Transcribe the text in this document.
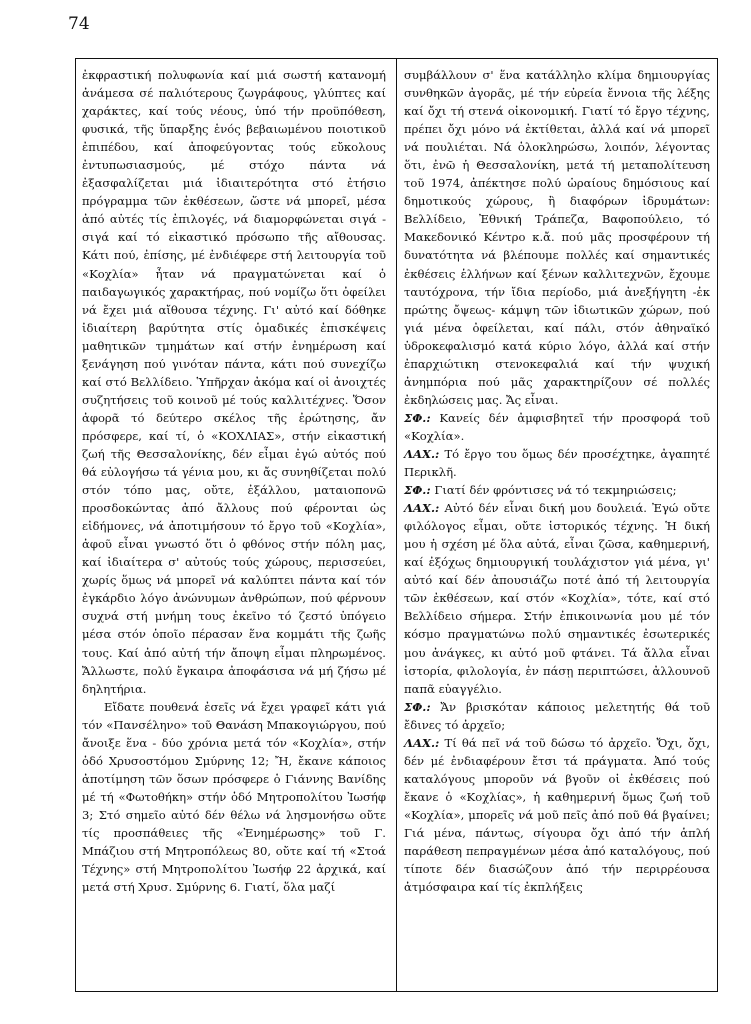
74

ἐκφραστική πολυφωνία καί μιά σωστή κατανομή ἀνάμεσα σέ παλιότερους ζωγράφους, γλύπτες καί χαράκτες, καί τούς νέους, ὑπό τήν προϋπόθεση, φυσικά, τῆς ὕπαρξης ἑνός βεβαιωμένου ποιοτικοῦ ἐπιπέδου, καί ἀποφεύγοντας τούς εὔκολους ἐντυπωσιασμούς, μέ στόχο πάντα νά ἐξασφαλίζεται μιά ἰδιαιτερότητα στό ἐτήσιο πρόγραμμα τῶν ἐκθέσεων, ὥστε νά μπορεῖ, μέσα ἀπό αὐτές τίς ἐπιλογές, νά διαμορφώνεται σιγά - σιγά καί τό εἰκαστικό πρόσωπο τῆς αἴθουσας. Κάτι πού, ἐπίσης, μέ ἐνδιέφερε στή λειτουργία τοῦ «Κοχλία» ἦταν νά πραγματώνεται καί ὁ παιδαγωγικός χαρακτήρας, πού νομίζω ὅτι ὀφείλει νά ἔχει μιά αἴθουσα τέχνης. Γι' αὐτό καί δόθηκε ἰδιαίτερη βαρύτητα στίς ὁμαδικές ἐπισκέψεις μαθητικῶν τμημάτων καί στήν ἐνημέρωση καί ξενάγηση πού γινόταν πάντα, κάτι πού συνεχίζω καί στό Βελλίδειο. Ὑπῆρχαν ἀκόμα καί οἱ ἀνοιχτές συζητήσεις τοῦ κοινοῦ μέ τούς καλλιτέχνες. Ὅσον ἀφορᾶ τό δεύτερο σκέλος τῆς ἐρώτησης, ἄν πρόσφερε, καί τί, ὁ «ΚΟΧΛΙΑΣ», στήν εἰκαστική ζωή τῆς Θεσσαλονίκης, δέν εἶμαι ἐγώ αὐτός πού θά εὐλογήσω τά γένια μου, κι ἄς συνηθίζεται πολύ στόν τόπο μας, οὔτε, ἐξάλλου, ματαιοπονῶ προσδοκώντας ἀπό ἄλλους πού φέρονται ὡς εἰδήμονες, νά ἀποτιμήσουν τό ἔργο τοῦ «Κοχλία», ἀφοῦ εἶναι γνωστό ὅτι ὁ φθόνος στήν πόλη μας, καί ἰδιαίτερα σ' αὐτούς τούς χώρους, περισσεύει, χωρίς ὅμως νά μπορεῖ νά καλύπτει πάντα καί τόν ἐγκάρδιο λόγο ἀνώνυμων ἀνθρώπων, πού φέρνουν συχνά στή μνήμη τους ἐκεῖνο τό ζεστό ὑπόγειο μέσα στόν ὁποῖο πέρασαν ἕνα κομμάτι τῆς ζωῆς τους. Καί ἀπό αὐτή τήν ἄποψη εἶμαι πληρωμένος. Ἄλλωστε, πολύ ἔγκαιρα ἀποφάσισα νά μή ζήσω μέ δηλητήρια.

Εἴδατε πουθενά ἐσεῖς νά ἔχει γραφεῖ κάτι γιά τόν «Πανσέληνο» τοῦ Θανάση Μπακογιώργου, πού ἄνοιξε ἕνα - δύο χρόνια μετά τόν «Κοχλία», στήν ὁδό Χρυσοστόμου Σμύρνης 12; Ἤ, ἔκανε κάποιος ἀποτίμηση τῶν ὅσων πρόσφερε ὁ Γιάννης Βανίδης μέ τή «Φωτοθήκη» στήν ὁδό Μητροπολίτου Ἰωσήφ 3; Στό σημεῖο αὐτό δέν θέλω νά λησμονήσω οὔτε τίς προσπάθειες τῆς «Ἐνημέρωσης» τοῦ Γ. Μπάζιου στή Μητροπόλεως 80, οὔτε καί τή «Στοά Τέχνης» στή Μητροπολίτου Ἰωσήφ 22 ἀρχικά, καί μετά στή Χρυσ. Σμύρνης 6. Γιατί, ὅλα μαζί

συμβάλλουν σ' ἕνα κατάλληλο κλίμα δημιουργίας συνθηκῶν ἀγορᾶς, μέ τήν εὐρεία ἔννοια τῆς λέξης καί ὄχι τή στενά οἰκονομική. Γιατί τό ἔργο τέχνης, πρέπει ὄχι μόνο νά ἐκτίθεται, ἀλλά καί νά μπορεῖ νά πουλιέται. Νά ὁλοκληρώσω, λοιπόν, λέγοντας ὅτι, ἐνῶ ἡ Θεσσαλονίκη, μετά τή μεταπολίτευση τοῦ 1974, ἀπέκτησε πολύ ὡραίους δημόσιους καί δημοτικούς χώρους, ἢ διαφόρων ἱδρυμάτων: Βελλίδειο, Ἐθνική Τράπεζα, Βαφοπούλειο, τό Μακεδονικό Κέντρο κ.ἄ. πού μᾶς προσφέρουν τή δυνατότητα νά βλέπουμε πολλές καί σημαντικές ἐκθέσεις ἑλλήνων καί ξένων καλλιτεχνῶν, ἔχουμε ταυτόχρονα, τήν ἴδια περίοδο, μιά ἀνεξήγητη -ἐκ πρώτης ὄψεως- κάμψη τῶν ἰδιωτικῶν χώρων, πού γιά μένα ὀφείλεται, καί πάλι, στόν ἀθηναϊκό ὑδροκεφαλισμό κατά κύριο λόγο, ἀλλά καί στήν ἐπαρχιώτικη στενοκεφαλιά καί τήν ψυχική ἀνημπόρια πού μᾶς χαρακτηρίζουν σέ πολλές ἐκδηλώσεις μας. Ἄς εἶναι.

ΣΦ.: Κανείς δέν ἀμφισβητεῖ τήν προσφορά τοῦ «Κοχλία».

ΛΑΧ.: Τό ἔργο του ὅμως δέν προσέχτηκε, ἀγαπητέ Περικλῆ.

ΣΦ.: Γιατί δέν φρόντισες νά τό τεκμηριώσεις;

ΛΑΧ.: Αὐτό δέν εἶναι δική μου δουλειά. Ἐγώ οὔτε φιλόλογος εἶμαι, οὔτε ἱστορικός τέχνης. Ἡ δική μου ἡ σχέση μέ ὅλα αὐτά, εἶναι ζῶσα, καθημερινή, καί ἐξόχως δημιουργική τουλάχιστον γιά μένα, γι' αὐτό καί δέν ἀπουσιάζω ποτέ ἀπό τή λειτουργία τῶν ἐκθέσεων, καί στόν «Κοχλία», τότε, καί στό Βελλίδειο σήμερα. Στήν ἐπικοινωνία μου μέ τόν κόσμο πραγματώνω πολύ σημαντικές ἐσωτερικές μου ἀνάγκες, κι αὐτό μοῦ φτάνει. Τά ἄλλα εἶναι ἱστορία, φιλολογία, ἐν πάσῃ περιπτώσει, ἀλλουνοῦ παπᾶ εὐαγγέλιο.

ΣΦ.: Ἄν βρισκόταν κάποιος μελετητής θά τοῦ ἔδινες τό ἀρχεῖο;

ΛΑΧ.: Τί θά πεῖ νά τοῦ δώσω τό ἀρχεῖο. Ὄχι, ὄχι, δέν μέ ἐνδιαφέρουν ἔτσι τά πράγματα. Ἀπό τούς καταλόγους μποροῦν νά βγοῦν οἱ ἐκθέσεις πού ἔκανε ὁ «Κοχλίας», ἡ καθημερινή ὅμως ζωή τοῦ «Κοχλία», μπορεῖς νά μοῦ πεῖς ἀπό ποῦ θά βγαίνει; Γιά μένα, πάντως, σίγουρα ὄχι ἀπό τήν ἁπλή παράθεση πεπραγμένων μέσα ἀπό καταλόγους, πού τίποτε δέν διασώζουν ἀπό τήν περιρρέουσα ἀτμόσφαιρα καί τίς ἐκπλήξεις
